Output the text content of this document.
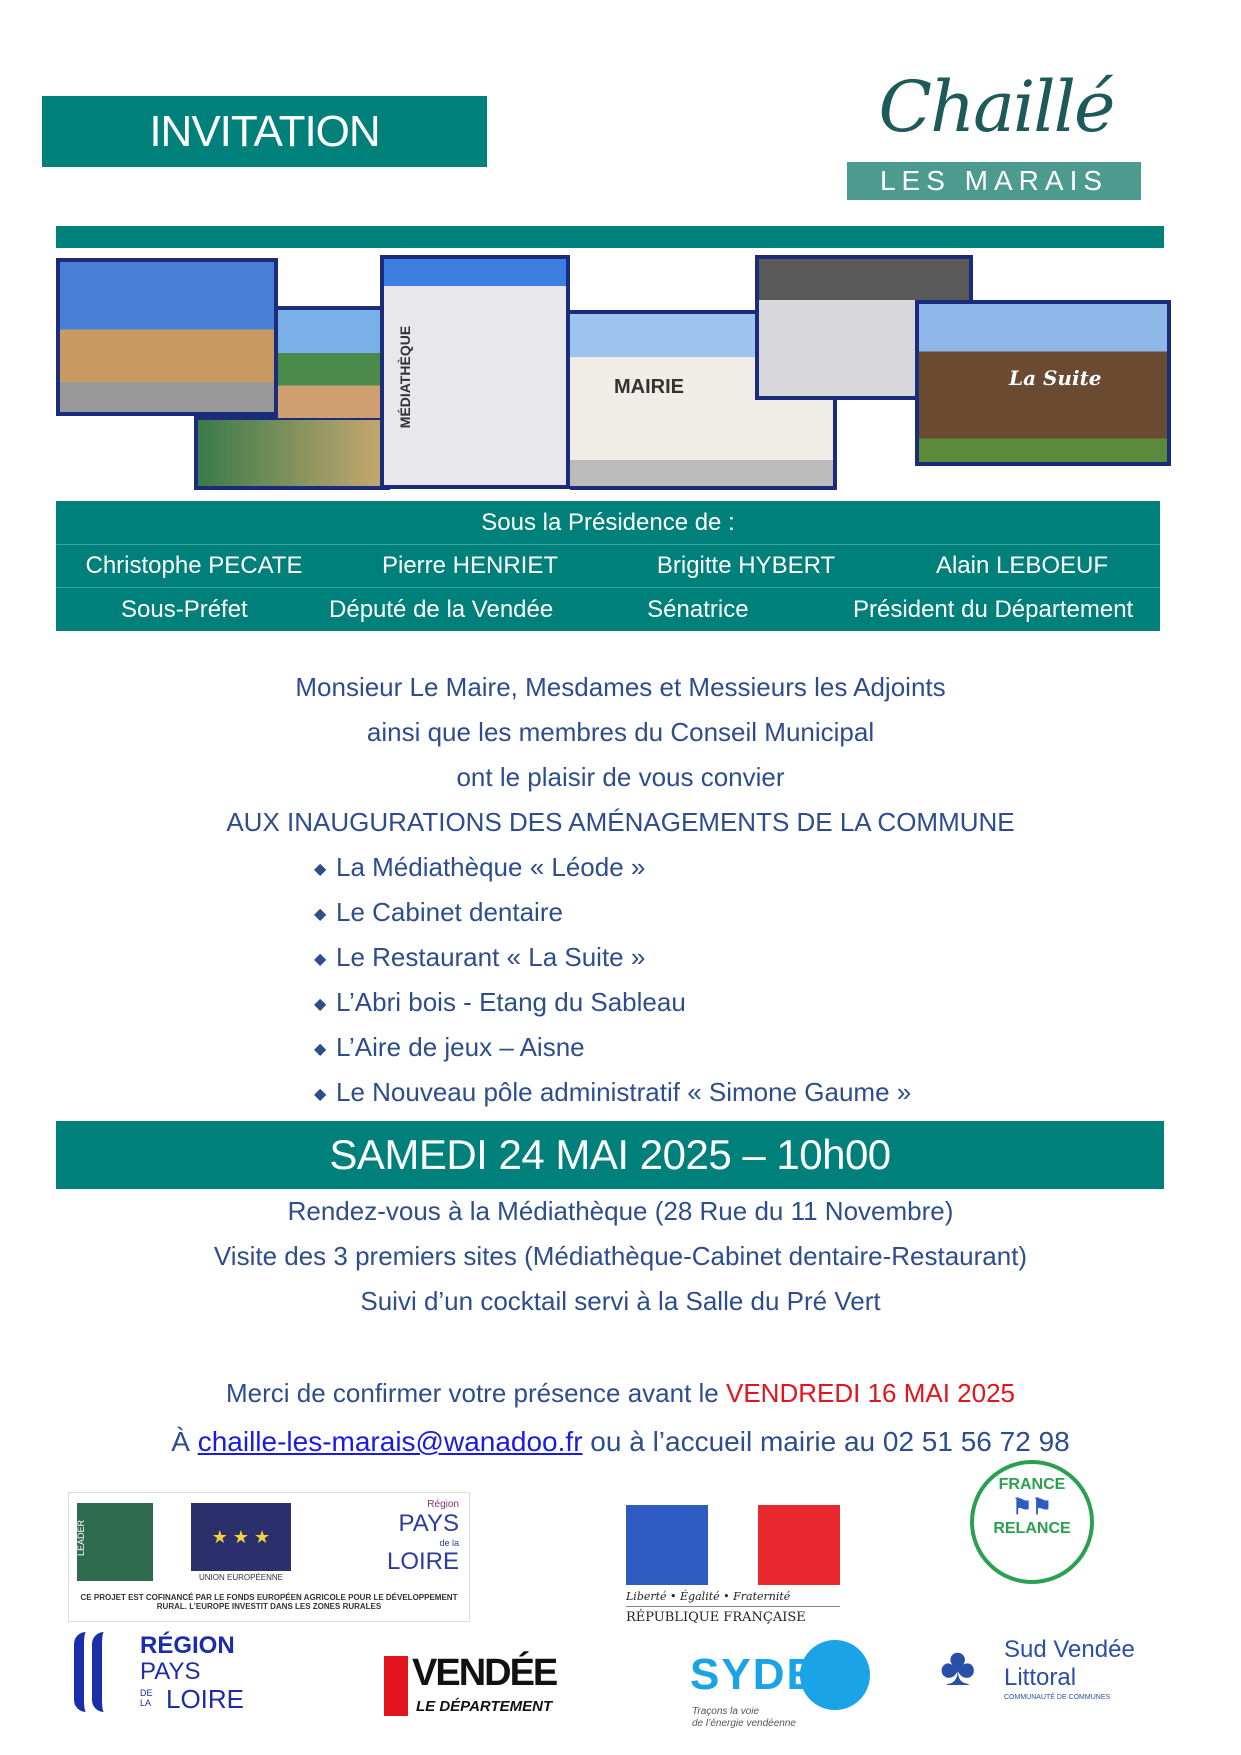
INVITATION	Chaillé
LES MARAIS
MÉDIATHÈQUE	MAIRIE	La Suite
Sous la Présidence de :
Christophe PECATE	Pierre HENRIET	Brigitte HYBERT	Alain LEBOEUF
Sous-Préfet	Député de la Vendée	Sénatrice	Président du Département
Monsieur Le Maire, Mesdames et Messieurs les Adjoints
ainsi que les membres du Conseil Municipal
ont le plaisir de vous convier
AUX INAUGURATIONS DES AMÉNAGEMENTS DE LA COMMUNE
◆ La Médiathèque « Léode »
◆ Le Cabinet dentaire
◆ Le Restaurant « La Suite »
◆ L’Abri bois - Etang du Sableau
◆ L’Aire de jeux – Aisne
◆ Le Nouveau pôle administratif « Simone Gaume »
SAMEDI 24 MAI 2025 – 10h00
Rendez-vous à la Médiathèque (28 Rue du 11 Novembre)
Visite des 3 premiers sites (Médiathèque-Cabinet dentaire-Restaurant)
Suivi d’un cocktail servi à la Salle du Pré Vert
Merci de confirmer votre présence avant le VENDREDI 16 MAI 2025
À chaille-les-marais@wanadoo.fr ou à l’accueil mairie au 02 51 56 72 98
LEADER	★ ★ ★
UNION EUROPÉENNE
Région
PAYS
de la
LOIRE
CE PROJET EST COFINANCÉ PAR LE FONDS EUROPÉEN AGRICOLE POUR LE DÉVELOPPEMENT RURAL. L’EUROPE INVESTIT DANS LES ZONES RURALES
Liberté • Égalité • Fraternité
RÉPUBLIQUE FRANÇAISE
FRANCE
⚑⚑
RELANCE
RÉGION
PAYS
DE LA LOIRE
VENDÉE
LE DÉPARTEMENT
SYDEV
Traçons la voie
de l’énergie vendéenne
♣ Sud Vendée
Littoral
COMMUNAUTÉ DE COMMUNES
